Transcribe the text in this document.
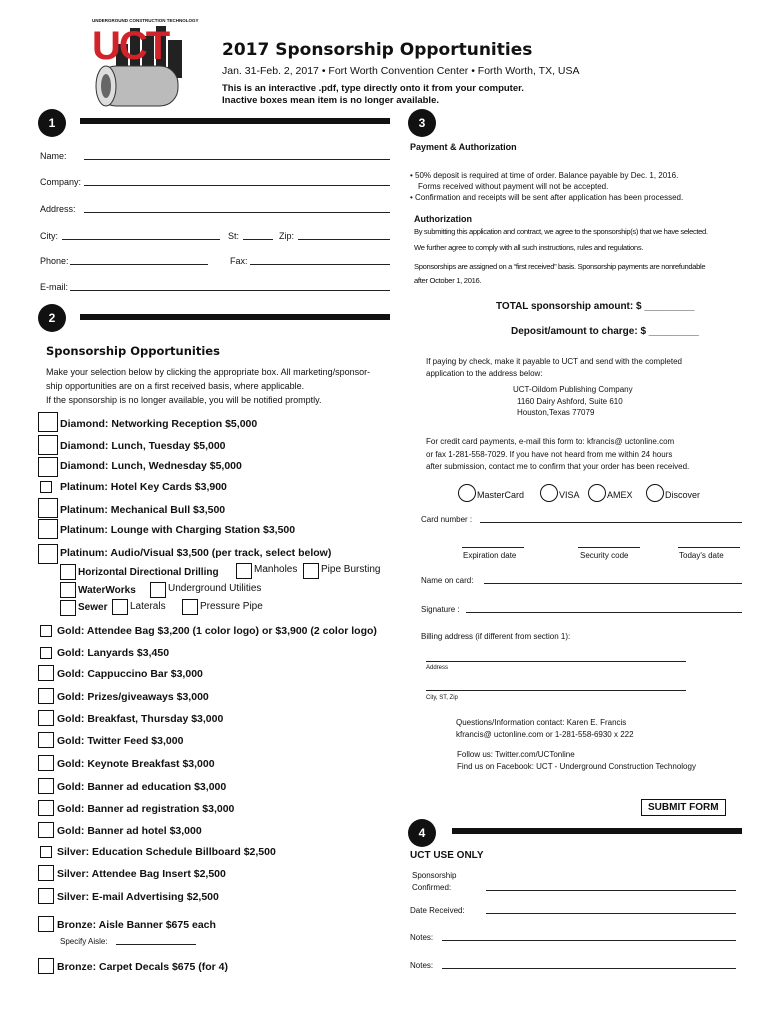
UNDERGROUND CONSTRUCTION TECHNOLOGY
UCT	2017 Sponsorship Opportunities
Jan. 31-Feb. 2, 2017 • Fort Worth Convention Center • Forth Worth, TX, USA
This is an interactive .pdf, type directly onto it from your computer.
Inactive boxes mean item is no longer available.
1
Name:
Company:
Address:
City:	St:	Zip:
Phone:	Fax:
E-mail:
2
Sponsorship Opportunities
Make your selection below by clicking the appropriate box. All marketing/sponsor-
ship opportunities are on a first received basis, where applicable.
If the sponsorship is no longer available, you will be notified promptly.
Diamond: Networking Reception $5,000
Diamond: Lunch, Tuesday $5,000
Diamond: Lunch, Wednesday $5,000
Platinum: Hotel Key Cards $3,900
Platinum: Mechanical Bull $3,500
Platinum: Lounge with Charging Station $3,500
Platinum: Audio/Visual $3,500 (per track, select below)
Horizontal Directional Drilling	Manholes Pipe Bursting
WaterWorks	Underground Utilities
Sewer Laterals	Pressure Pipe
Gold: Attendee Bag $3,200 (1 color logo) or $3,900 (2 color logo)
Gold: Lanyards $3,450
Gold: Cappuccino Bar $3,000
Gold: Prizes/giveaways $3,000
Gold: Breakfast, Thursday $3,000
Gold: Twitter Feed $3,000
Gold: Keynote Breakfast $3,000
Gold: Banner ad education $3,000
Gold: Banner ad registration $3,000
Gold: Banner ad hotel $3,000
Silver: Education Schedule Billboard $2,500
Silver: Attendee Bag Insert $2,500
Silver: E-mail Advertising $2,500
Bronze: Aisle Banner $675 each
Specify Aisle:
Bronze: Carpet Decals $675 (for 4)
3
Payment & Authorization
• 50% deposit is required at time of order. Balance payable by Dec. 1, 2016.
Forms received without payment will not be accepted.
• Confirmation and receipts will be sent after application has been processed.
Authorization
By submitting this application and contract, we agree to the sponsorship(s) that we have selected.
We further agree to comply with all such instructions, rules and regulations.
Sponsorships are assigned on a “first received” basis. Sponsorship payments are nonrefundable
after October 1, 2016.
TOTAL sponsorship amount: $ _________
Deposit/amount to charge: $ _________
If paying by check, make it payable to UCT and send with the completed
application to the address below:
UCT-Oildom Publishing Company
1160 Dairy Ashford, Suite 610
Houston,Texas 77079
For credit card payments, e-mail this form to: kfrancis@ uctonline.com
or fax 1-281-558-7029. If you have not heard from me within 24 hours
after submission, contact me to confirm that your order has been received.
MasterCard	VISA	AMEX	Discover
Card number :
Expiration date	Security code	Today's date
Name on card:
Signature :
Billing address (if different from section 1):
Address
City, ST, Zip
Questions/Information contact: Karen E. Francis
kfrancis@ uctonline.com or 1-281-558-6930 x 222
Follow us: Twitter.com/UCTonline
Find us on Facebook: UCT - Underground Construction Technology
SUBMIT FORM
4
UCT USE ONLY
Sponsorship
Confirmed:
Date Received:
Notes:
Notes:
